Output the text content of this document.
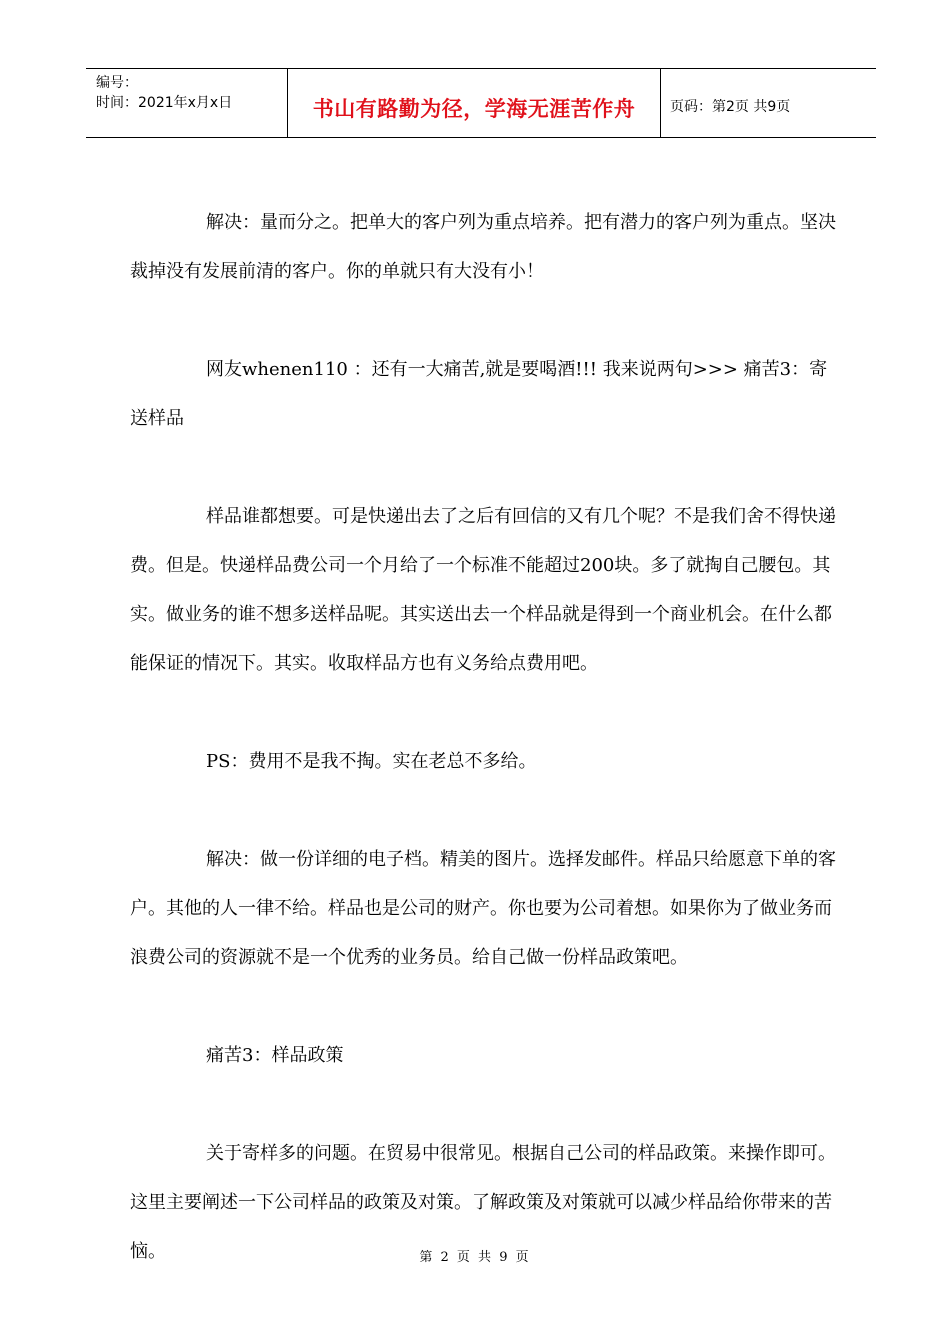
编号：
时间：2021年x月x日	书山有路勤为径，学海无涯苦作舟	页码：第2页 共9页

解决：量而分之。把单大的客户列为重点培养。把有潜力的客户列为重点。坚决裁掉没有发展前清的客户。你的单就只有大没有小！

网友whenen110 ：还有一大痛苦,就是要喝酒!!! 我来说两句>>> 痛苦3：寄送样品

样品谁都想要。可是快递出去了之后有回信的又有几个呢？不是我们舍不得快递费。但是。快递样品费公司一个月给了一个标准不能超过200块。多了就掏自己腰包。其实。做业务的谁不想多送样品呢。其实送出去一个样品就是得到一个商业机会。在什么都能保证的情况下。其实。收取样品方也有义务给点费用吧。

PS：费用不是我不掏。实在老总不多给。

解决：做一份详细的电子档。精美的图片。选择发邮件。样品只给愿意下单的客户。其他的人一律不给。样品也是公司的财产。你也要为公司着想。如果你为了做业务而浪费公司的资源就不是一个优秀的业务员。给自己做一份样品政策吧。

痛苦3：样品政策

关于寄样多的问题。在贸易中很常见。根据自己公司的样品政策。来操作即可。这里主要阐述一下公司样品的政策及对策。了解政策及对策就可以减少样品给你带来的苦恼。	第 2 页 共 9 页
